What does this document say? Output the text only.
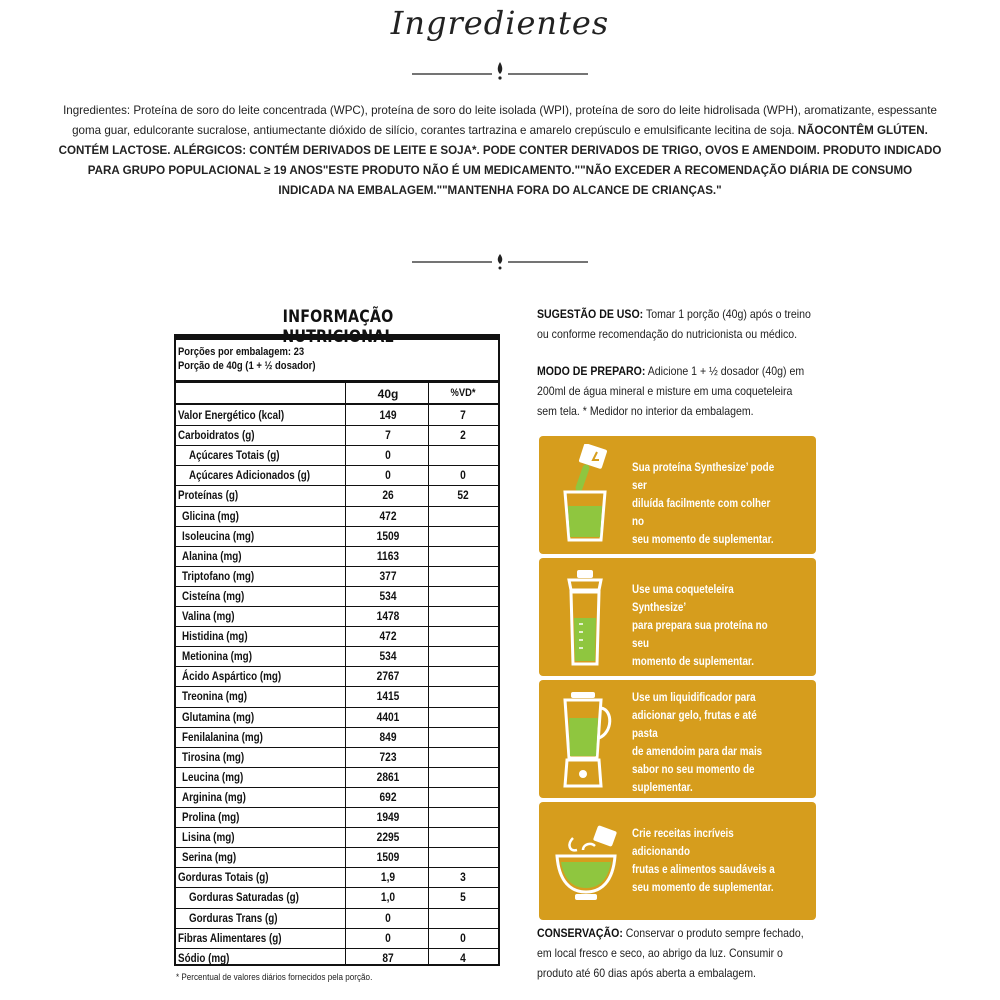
Ingredientes
Ingredientes: Proteína de soro do leite concentrada (WPC), proteína de soro do leite isolada (WPI), proteína de soro do leite hidrolisada (WPH), aromatizante, espessante
goma guar, edulcorante sucralose, antiumectante dióxido de silício, corantes tartrazina e amarelo crepúsculo e emulsificante lecitina de soja. NÃOCONTÊM GLÚTEN.
CONTÉM LACTOSE. ALÉRGICOS: CONTÉM DERIVADOS DE LEITE E SOJA*. PODE CONTER DERIVADOS DE TRIGO, OVOS E AMENDOIM. PRODUTO INDICADO
PARA GRUPO POPULACIONAL ≥ 19 ANOS"ESTE PRODUTO NÃO É UM MEDICAMENTO.""NÃO EXCEDER A RECOMENDAÇÃO DIÁRIA DE CONSUMO
INDICADA NA EMBALAGEM.""MANTENHA FORA DO ALCANCE DE CRIANÇAS."
INFORMAÇÃO NUTRICIONAL
Porções por embalagem: 23
Porção de 40g (1 + ½ dosador)
40g	%VD*
Valor Energético (kcal)	149	7
Carboidratos (g)	7	2
Açúcares Totais (g)	0
Açúcares Adicionados (g)	0	0
Proteínas (g)	26	52
Glicina (mg)	472
Isoleucina (mg)	1509
Alanina (mg)	1163
Triptofano (mg)	377
Cisteína (mg)	534
Valina (mg)	1478
Histidina (mg)	472
Metionina (mg)	534
Ácido Aspártico (mg)	2767
Treonina (mg)	1415
Glutamina (mg)	4401
Fenilalanina (mg)	849
Tirosina (mg)	723
Leucina (mg)	2861
Arginina (mg)	692
Prolina (mg)	1949
Lisina (mg)	2295
Serina (mg)	1509
Gorduras Totais (g)	1,9	3
Gorduras Saturadas (g)	1,0	5
Gorduras Trans (g)	0
Fibras Alimentares (g)	0	0
Sódio (mg)	87	4
* Percentual de valores diários fornecidos pela porção.
SUGESTÃO DE USO: Tomar 1 porção (40g) após o treino
ou conforme recomendação do nutricionista ou médico.
MODO DE PREPARO: Adicione 1 + ½ dosador (40g) em
200ml de água mineral e misture em uma coqueteleira
sem tela. * Medidor no interior da embalagem.
Sua proteína Synthesize’ pode ser
diluída facilmente com colher no
seu momento de suplementar.
Use uma coqueteleira Synthesize’
para prepara sua proteína no seu
momento de suplementar.
Use um liquidificador para
adicionar gelo, frutas e até pasta
de amendoim para dar mais
sabor no seu momento de
suplementar.
Crie receitas incríveis adicionando
frutas e alimentos saudáveis a
seu momento de suplementar.
CONSERVAÇÃO: Conservar o produto sempre fechado,
em local fresco e seco, ao abrigo da luz. Consumir o
produto até 60 dias após aberta a embalagem.
